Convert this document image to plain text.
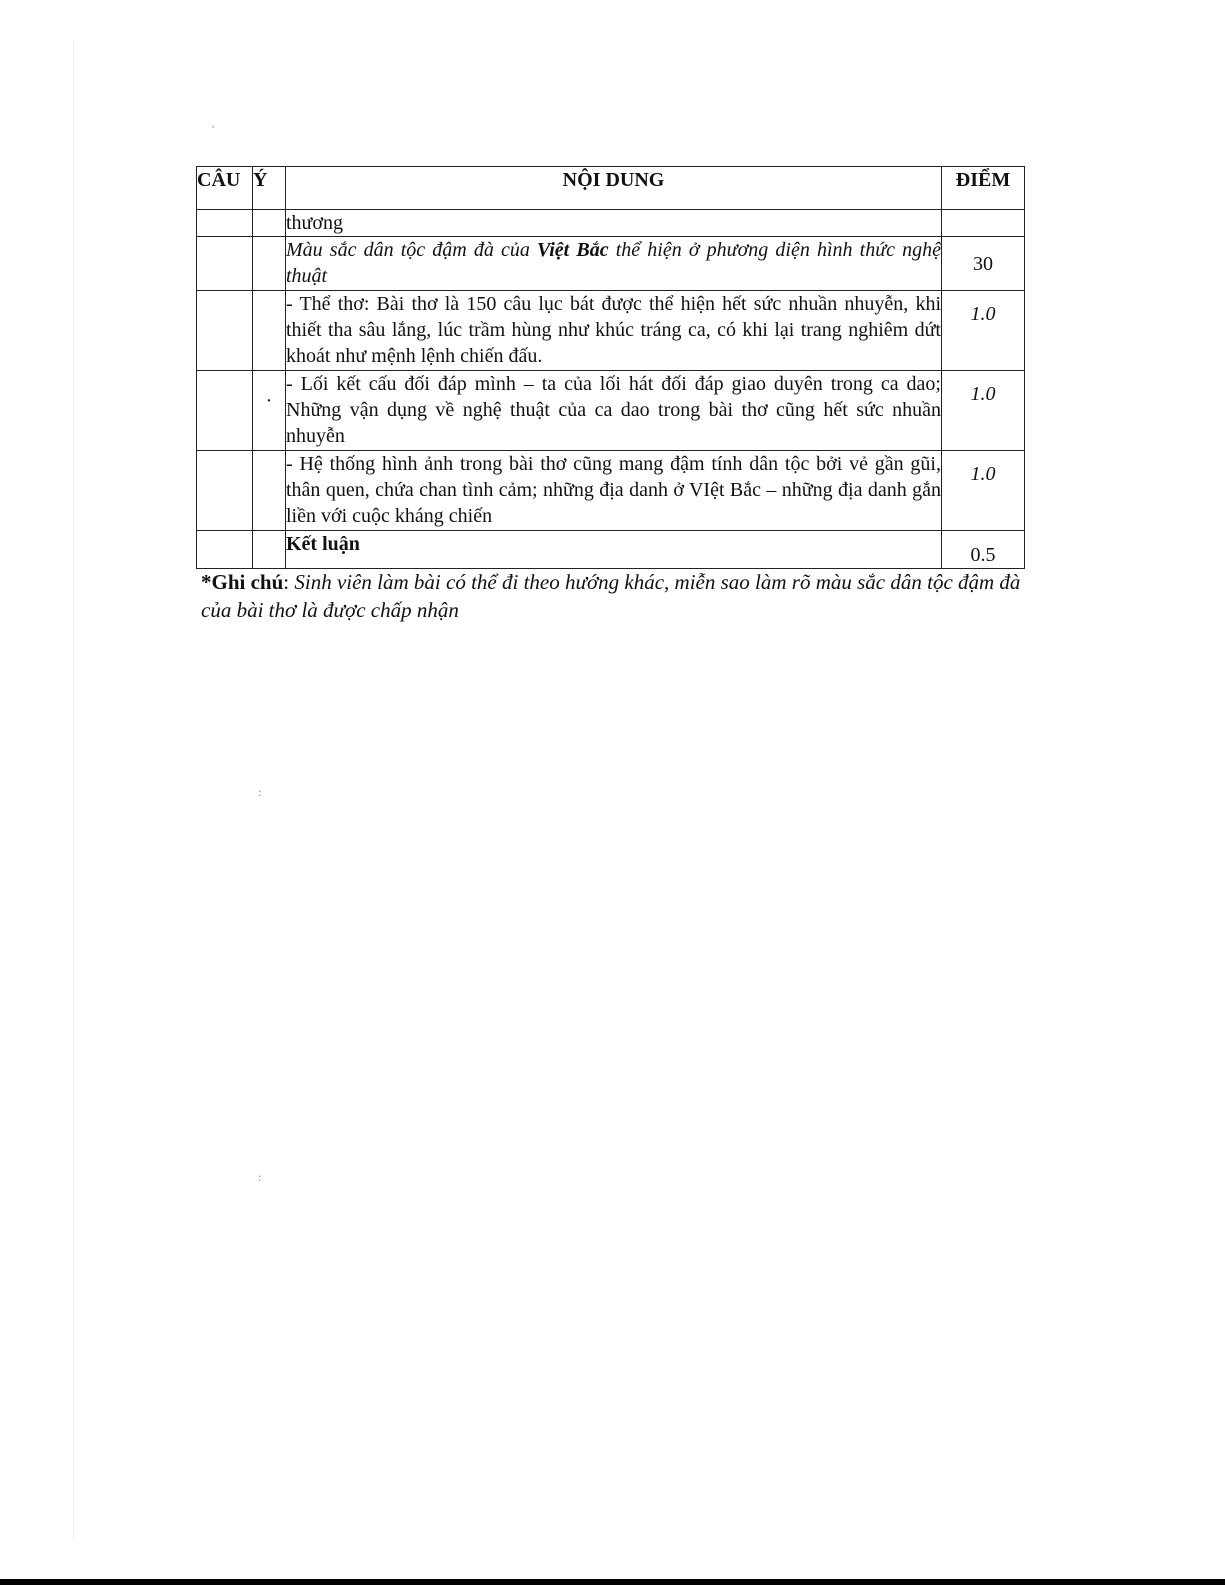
CÂU	Ý	NỘI DUNG	ĐIỂM
		thương	
		Màu sắc dân tộc đậm đà của Việt Bắc thể hiện ở phương diện hình thức nghệ thuật	30
		- Thể thơ: Bài thơ là 150 câu lục bát được thể hiện hết sức nhuần nhuyễn, khi thiết tha sâu lắng, lúc trầm hùng như khúc tráng ca, có khi lại trang nghiêm dứt khoát như mệnh lệnh chiến đấu.	1.0

	·	- Lối kết cấu đối đáp mình – ta của lối hát đối đáp giao duyên trong ca dao; Những vận dụng về nghệ thuật của ca dao trong bài thơ cũng hết sức nhuần nhuyễn	1.0
		- Hệ thống hình ảnh trong bài thơ cũng mang đậm tính dân tộc bởi vẻ gần gũi, thân quen, chứa chan tình cảm; những địa danh ở VIệt Bắc – những địa danh gắn liền với cuộc kháng chiến	1.0
		Kết luận	0.5
*Ghi chú: Sinh viên làm bài có thể đi theo hướng khác, miễn sao làm rõ màu sắc dân tộc đậm đà của bài thơ là được chấp nhận
'
:
:
